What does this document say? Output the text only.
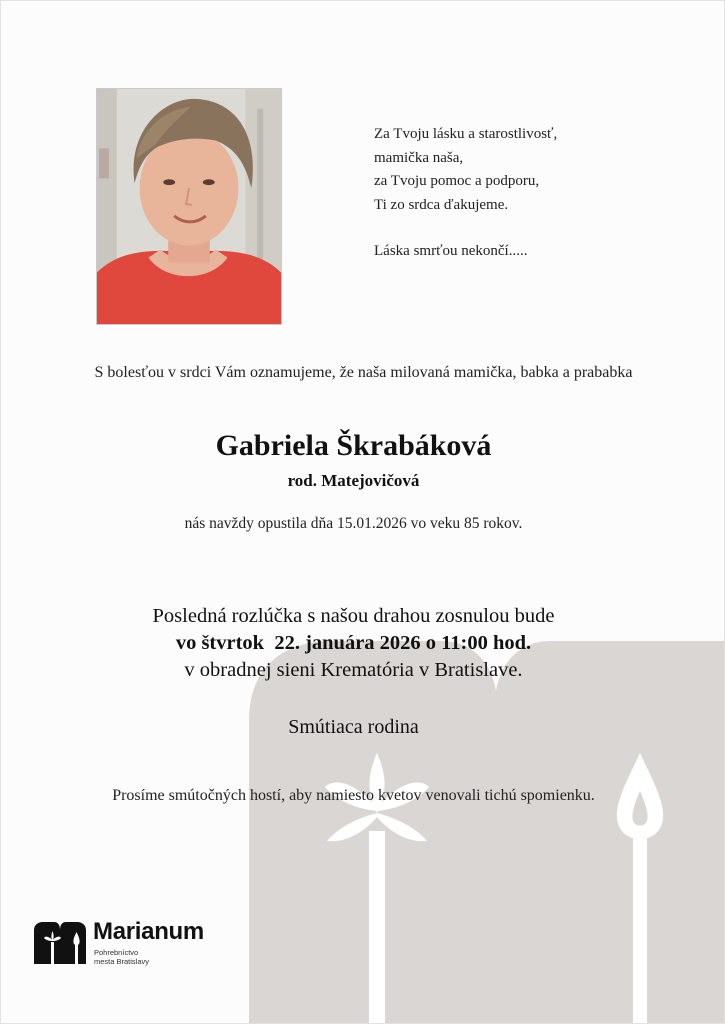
Za Tvoju lásku a starostlivosť,
mamička naša,
za Tvoju pomoc a podporu,
Ti zo srdca ďakujeme.
Láska smrťou nekončí.....
S bolesťou v srdci Vám oznamujeme, že naša milovaná mamička, babka a prababka
Gabriela Škrabáková
rod. Matejovičová
nás navždy opustila dňa 15.01.2026 vo veku 85 rokov.
Posledná rozlúčka s našou drahou zosnulou bude
vo štvrtok  22. januára 2026 o 11:00 hod.
v obradnej sieni Krematória v Bratislave.
Smútiaca rodina
Prosíme smútočných hostí, aby namiesto kvetov venovali tichú spomienku.
Marianum
Pohrebníctvo
mesta Bratislavy
